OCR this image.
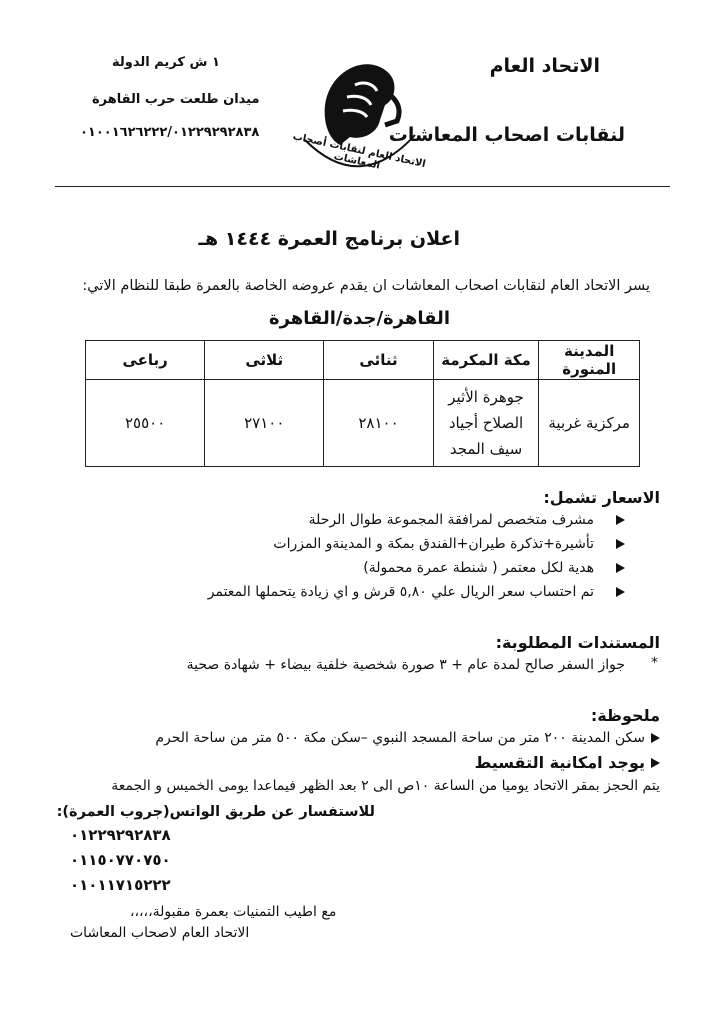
الاتحاد العام
لنقابات اصحاب المعاشات
الاتحاد العام لنقابات أصحاب المعاشات
١ ش كريم الدولة
ميدان طلعت حرب القاهرة
٠١٠٠١٦٢٦٢٢٢/٠١٢٢٩٢٩٢٨٣٨
اعلان برنامج العمرة ١٤٤٤ هـ
يسر الاتحاد العام لنقابات اصحاب المعاشات ان يقدم عروضه الخاصة بالعمرة طبقا للنظام الاتي:
القاهرة/جدة/القاهرة
المدينة المنورة	مكة المكرمة	ثنائى	ثلاثى	رباعى
مركزية غربية	جوهرة الأثير
الصلاح أجياد
سيف المجد	٢٨١٠٠	٢٧١٠٠	٢٥٥٠٠
الاسعار تشمل:
مشرف متخصص لمرافقة المجموعة طوال الرحلة
تأشيرة+تذكرة طيران+الفندق بمكة و المدينةو المزرات
هدية لكل معتمر ( شنطة عمرة محمولة)
تم احتساب سعر الريال علي ٥,٨٠ قرش و اي زيادة يتحملها المعتمر
المستندات المطلوبة:
*
جواز السفر صالح لمدة عام + ٣ صورة شخصية خلفية بيضاء + شهادة صحية
ملحوظة:
سكن المدينة ٢٠٠ متر من ساحة المسجد النبوي –سكن مكة ٥٠٠ متر من ساحة الحرم
يوجد امكانية التقسيط
يتم الحجز بمقر الاتحاد يوميا من الساعة ١٠ص الى ٢ بعد الظهر فيماعدا يومى الخميس و الجمعة
للاستفسار عن طريق الواتس(جروب العمرة):
٠١٢٢٩٢٩٢٨٣٨
٠١١٥٠٧٧٠٧٥٠
٠١٠١١٧١٥٢٢٢
مع اطيب التمنيات بعمرة مقبولة،،،،،
الاتحاد العام لاصحاب المعاشات
